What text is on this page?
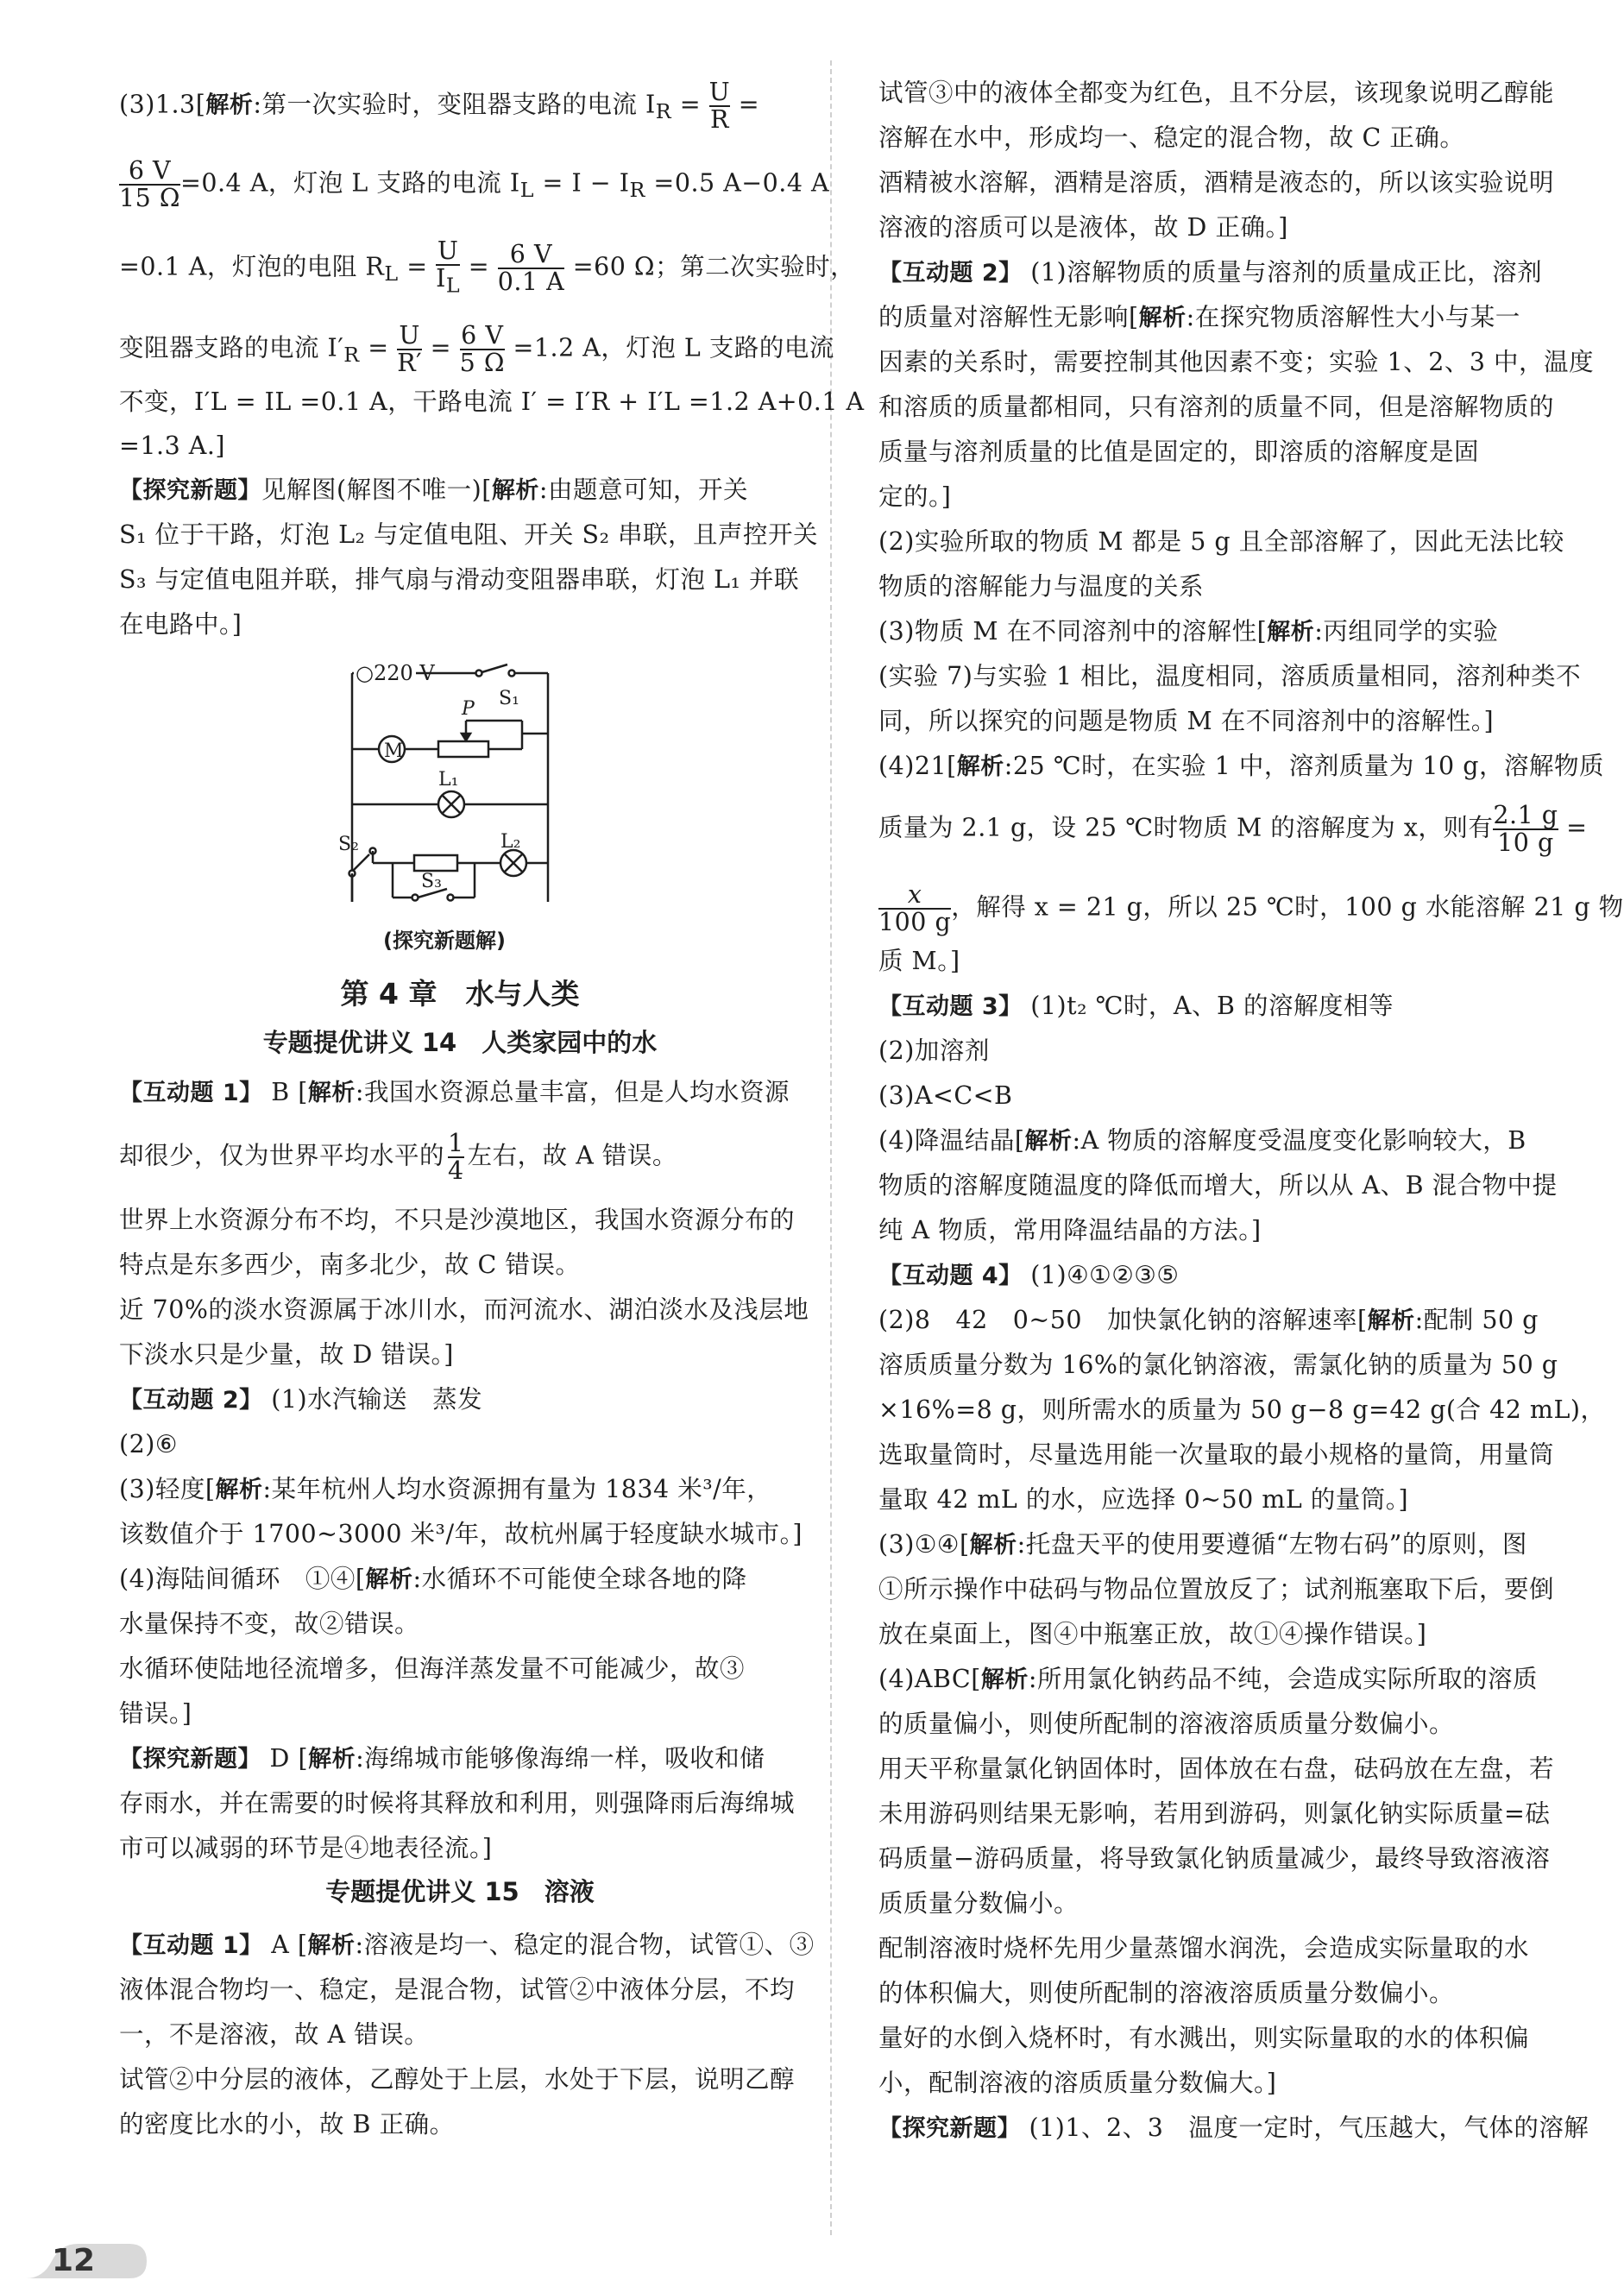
(3)1.3[解析:第一次实验时，变阻器支路的电流 $I_R = \frac{U}{R}$ =
$\frac{6 V}{15 \Omega} =0.4$ A，灯泡 L 支路的电流 $I_L = I - I_R =0.5$ A−0.4 A
=0.1 A，灯泡的电阻 $R_L = \frac{U}{I_L} = \frac{6 V}{0.1 A} =60$ Ω；第二次实验时，
变阻器支路的电流 $I'_R = \frac{U}{R'} = \frac{6 V}{5 \Omega} =1.2$ A，灯泡 L 支路的电流
不变，I′L = IL =0.1 A，干路电流 I′ = I′R + I′L =1.2 A+0.1 A
=1.3 A.]
【探究新题】见解图(解图不唯一)[解析:由题意可知，开关
S₁ 位于干路，灯泡 L₂ 与定值电阻、开关 S₂ 串联，且声控开关
S₃ 与定值电阻并联，排气扇与滑动变阻器串联，灯泡 L₁ 并联
在电路中。]
第 4 章　水与人类
专题提优讲义 14　人类家园中的水
【互动题 1】 B [解析:我国水资源总量丰富，但是人均水资源
却很少，仅为世界平均水平的 $\frac{1}{4}$ 左右，故 A 错误。
世界上水资源分布不均，不只是沙漠地区，我国水资源分布的
特点是东多西少，南多北少，故 C 错误。
近 70%的淡水资源属于冰川水，而河流水、湖泊淡水及浅层地
下淡水只是少量，故 D 错误。]
【互动题 2】 (1)水汽输送　蒸发
(2)⑥
(3)轻度[解析:某年杭州人均水资源拥有量为 1834 米³/年，
该数值介于 1700~3000 米³/年，故杭州属于轻度缺水城市。]
(4)海陆间循环　①④[解析:水循环不可能使全球各地的降
水量保持不变，故②错误。
水循环使陆地径流增多，但海洋蒸发量不可能减少，故③
错误。]
【探究新题】 D [解析:海绵城市能够像海绵一样，吸收和储
存雨水，并在需要的时候将其释放和利用，则强降雨后海绵城
市可以减弱的环节是④地表径流。]
专题提优讲义 15　溶液
【互动题 1】 A [解析:溶液是均一、稳定的混合物，试管①、③
液体混合物均一、稳定，是混合物，试管②中液体分层，不均
一，不是溶液，故 A 错误。
试管②中分层的液体，乙醇处于上层，水处于下层，说明乙醇
的密度比水的小，故 B 正确。
○220 V
S₁
P
M
L₁
S₂	L₂
S₃
(探究新题解)
试管③中的液体全都变为红色，且不分层，该现象说明乙醇能
溶解在水中，形成均一、稳定的混合物，故 C 正确。
酒精被水溶解，酒精是溶质，酒精是液态的，所以该实验说明
溶液的溶质可以是液体，故 D 正确。]
【互动题 2】 (1)溶解物质的质量与溶剂的质量成正比，溶剂
的质量对溶解性无影响[解析:在探究物质溶解性大小与某一
因素的关系时，需要控制其他因素不变；实验 1、2、3 中，温度
和溶质的质量都相同，只有溶剂的质量不同，但是溶解物质的
质量与溶剂质量的比值是固定的，即溶质的溶解度是固
定的。]
(2)实验所取的物质 M 都是 5 g 且全部溶解了，因此无法比较
物质的溶解能力与温度的关系
(3)物质 M 在不同溶剂中的溶解性[解析:丙组同学的实验
(实验 7)与实验 1 相比，温度相同，溶质质量相同，溶剂种类不
同，所以探究的问题是物质 M 在不同溶剂中的溶解性。]
(4)21[解析:25 ℃时，在实验 1 中，溶剂质量为 10 g，溶解物质
质量为 2.1 g，设 25 ℃时物质 M 的溶解度为 x，则有 $\frac{2.1 g}{10 g}$ =
$\frac{x}{100 g}$ ，解得 x = 21 g，所以 25 ℃时，100 g 水能溶解 21 g 物
质 M。]
【互动题 3】 (1)t₂ ℃时，A、B 的溶解度相等
(2)加溶剂
(3)A<C<B
(4)降温结晶[解析:A 物质的溶解度受温度变化影响较大，B
物质的溶解度随温度的降低而增大，所以从 A、B 混合物中提
纯 A 物质，常用降温结晶的方法。]
【互动题 4】 (1)④①②③⑤
(2)8　42　0~50　加快氯化钠的溶解速率[解析:配制 50 g
溶质质量分数为 16%的氯化钠溶液，需氯化钠的质量为 50 g
×16%=8 g，则所需水的质量为 50 g−8 g=42 g(合 42 mL)，
选取量筒时，尽量选用能一次量取的最小规格的量筒，用量筒
量取 42 mL 的水，应选择 0~50 mL 的量筒。]
(3)①④[解析:托盘天平的使用要遵循“左物右码”的原则，图
①所示操作中砝码与物品位置放反了；试剂瓶塞取下后，要倒
放在桌面上，图④中瓶塞正放，故①④操作错误。]
(4)ABC[解析:所用氯化钠药品不纯，会造成实际所取的溶质
的质量偏小，则使所配制的溶液溶质质量分数偏小。
用天平称量氯化钠固体时，固体放在右盘，砝码放在左盘，若
未用游码则结果无影响，若用到游码，则氯化钠实际质量=砝
码质量−游码质量，将导致氯化钠质量减少，最终导致溶液溶
质质量分数偏小。
配制溶液时烧杯先用少量蒸馏水润洗，会造成实际量取的水
的体积偏大，则使所配制的溶液溶质质量分数偏小。
量好的水倒入烧杯时，有水溅出，则实际量取的水的体积偏
小，配制溶液的溶质质量分数偏大。]
【探究新题】 (1)1、2、3　温度一定时，气压越大，气体的溶解
12
